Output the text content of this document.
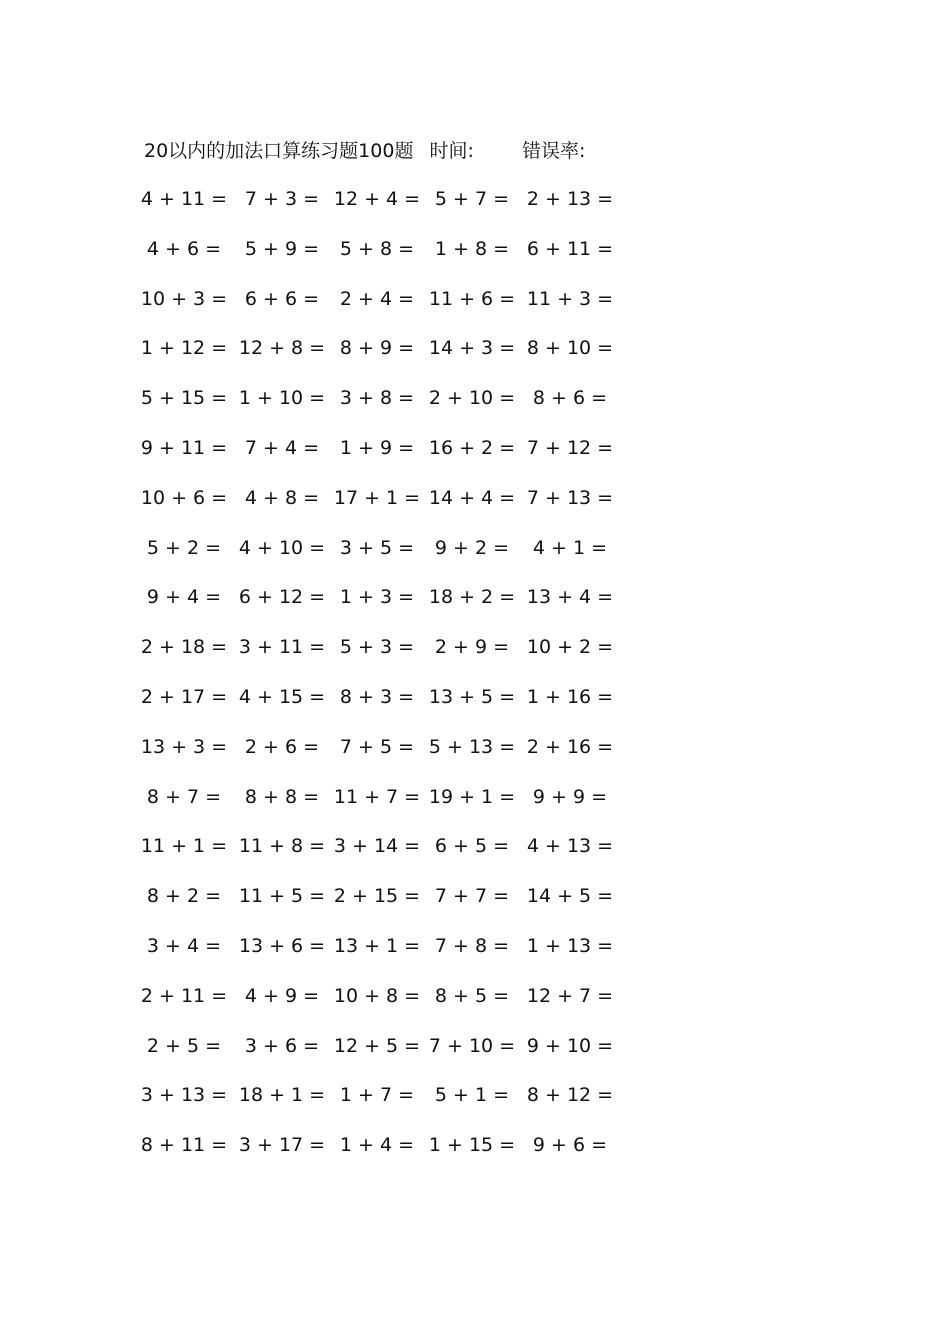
20以内的加法口算练习题100题 时间:	错误率:
4 + 11 = 7 + 3 = 12 + 4 = 5 + 7 = 2 + 13 =
4 + 6 = 5 + 9 = 5 + 8 = 1 + 8 = 6 + 11 =
10 + 3 = 6 + 6 = 2 + 4 = 11 + 6 = 11 + 3 =
1 + 12 = 12 + 8 = 8 + 9 = 14 + 3 = 8 + 10 =
5 + 15 = 1 + 10 = 3 + 8 = 2 + 10 = 8 + 6 =
9 + 11 = 7 + 4 = 1 + 9 = 16 + 2 = 7 + 12 =
10 + 6 = 4 + 8 = 17 + 1 = 14 + 4 = 7 + 13 =
5 + 2 = 4 + 10 = 3 + 5 = 9 + 2 = 4 + 1 =
9 + 4 = 6 + 12 = 1 + 3 = 18 + 2 = 13 + 4 =
2 + 18 = 3 + 11 = 5 + 3 = 2 + 9 = 10 + 2 =
2 + 17 = 4 + 15 = 8 + 3 = 13 + 5 = 1 + 16 =
13 + 3 = 2 + 6 = 7 + 5 = 5 + 13 = 2 + 16 =
8 + 7 = 8 + 8 = 11 + 7 = 19 + 1 = 9 + 9 =
11 + 1 = 11 + 8 = 3 + 14 = 6 + 5 = 4 + 13 =
8 + 2 = 11 + 5 = 2 + 15 = 7 + 7 = 14 + 5 =
3 + 4 = 13 + 6 = 13 + 1 = 7 + 8 = 1 + 13 =
2 + 11 = 4 + 9 = 10 + 8 = 8 + 5 = 12 + 7 =
2 + 5 = 3 + 6 = 12 + 5 = 7 + 10 = 9 + 10 =
3 + 13 = 18 + 1 = 1 + 7 = 5 + 1 = 8 + 12 =
8 + 11 = 3 + 17 = 1 + 4 = 1 + 15 = 9 + 6 =
